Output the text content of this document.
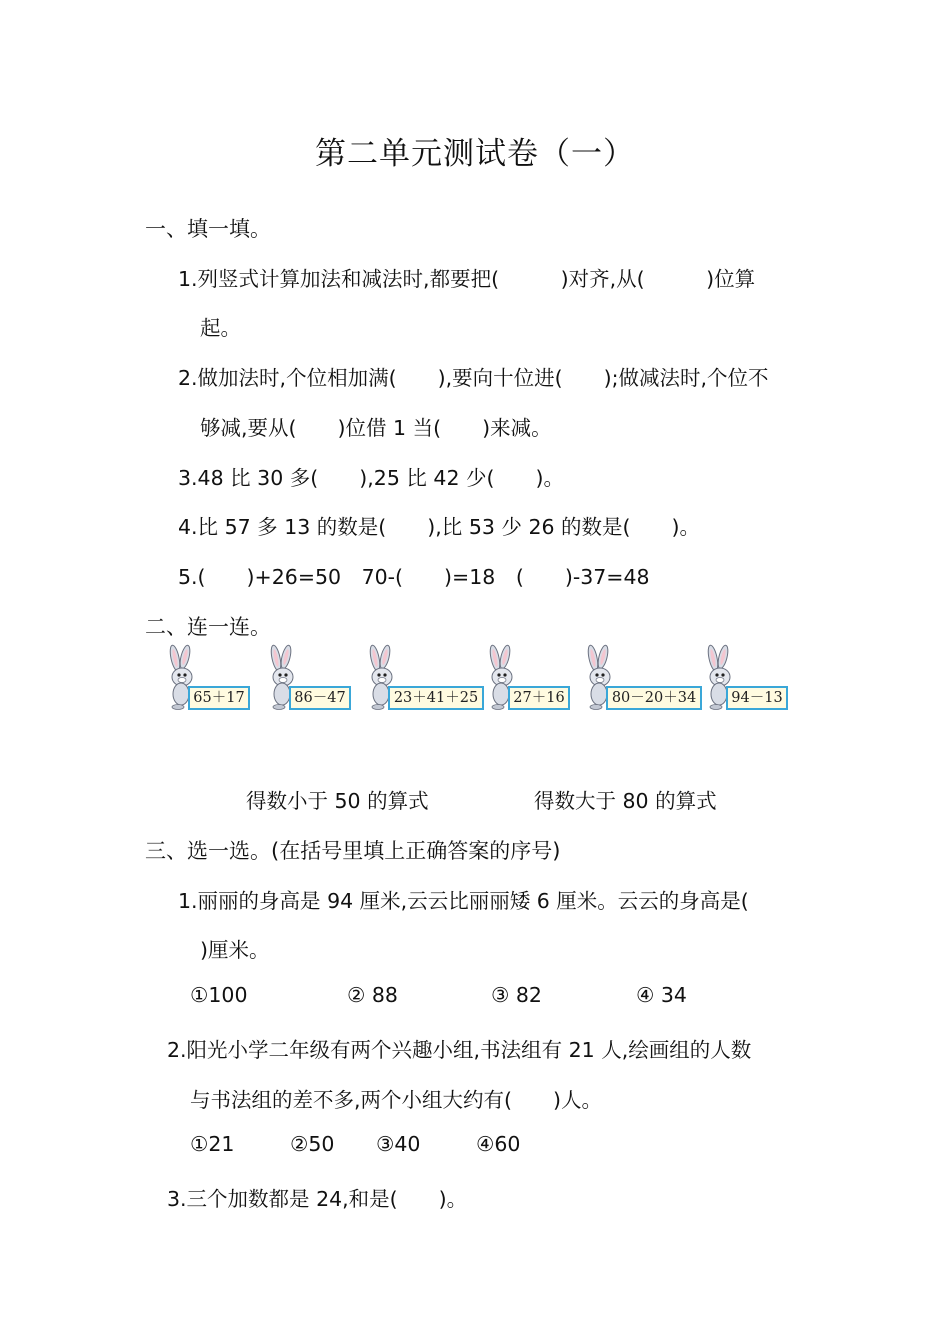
第二单元测试卷（一）
一、填一填。
1.列竖式计算加法和减法时,都要把(　　　)对齐,从(　　　)位算
起。
2.做加法时,个位相加满(　　),要向十位进(　　);做减法时,个位不
够减,要从(　　)位借 1 当(　　)来减。
3.48 比 30 多(　　),25 比 42 少(　　)。
4.比 57 多 13 的数是(　　),比 53 少 26 的数是(　　)。
5.(　　)+26=50　70-(　　)=18　(　　)-37=48
二、连一连。
65＋17	86－47	23＋41＋25	27＋16	80－20＋34	94－13
得数小于 50 的算式	得数大于 80 的算式
三、选一选。(在括号里填上正确答案的序号)
1.丽丽的身高是 94 厘米,云云比丽丽矮 6 厘米。云云的身高是(
)厘米。
①100	② 88	③ 82	④ 34
2.阳光小学二年级有两个兴趣小组,书法组有 21 人,绘画组的人数
与书法组的差不多,两个小组大约有(　　)人。
①21	②50 ③40	④60
3.三个加数都是 24,和是(　　)。
